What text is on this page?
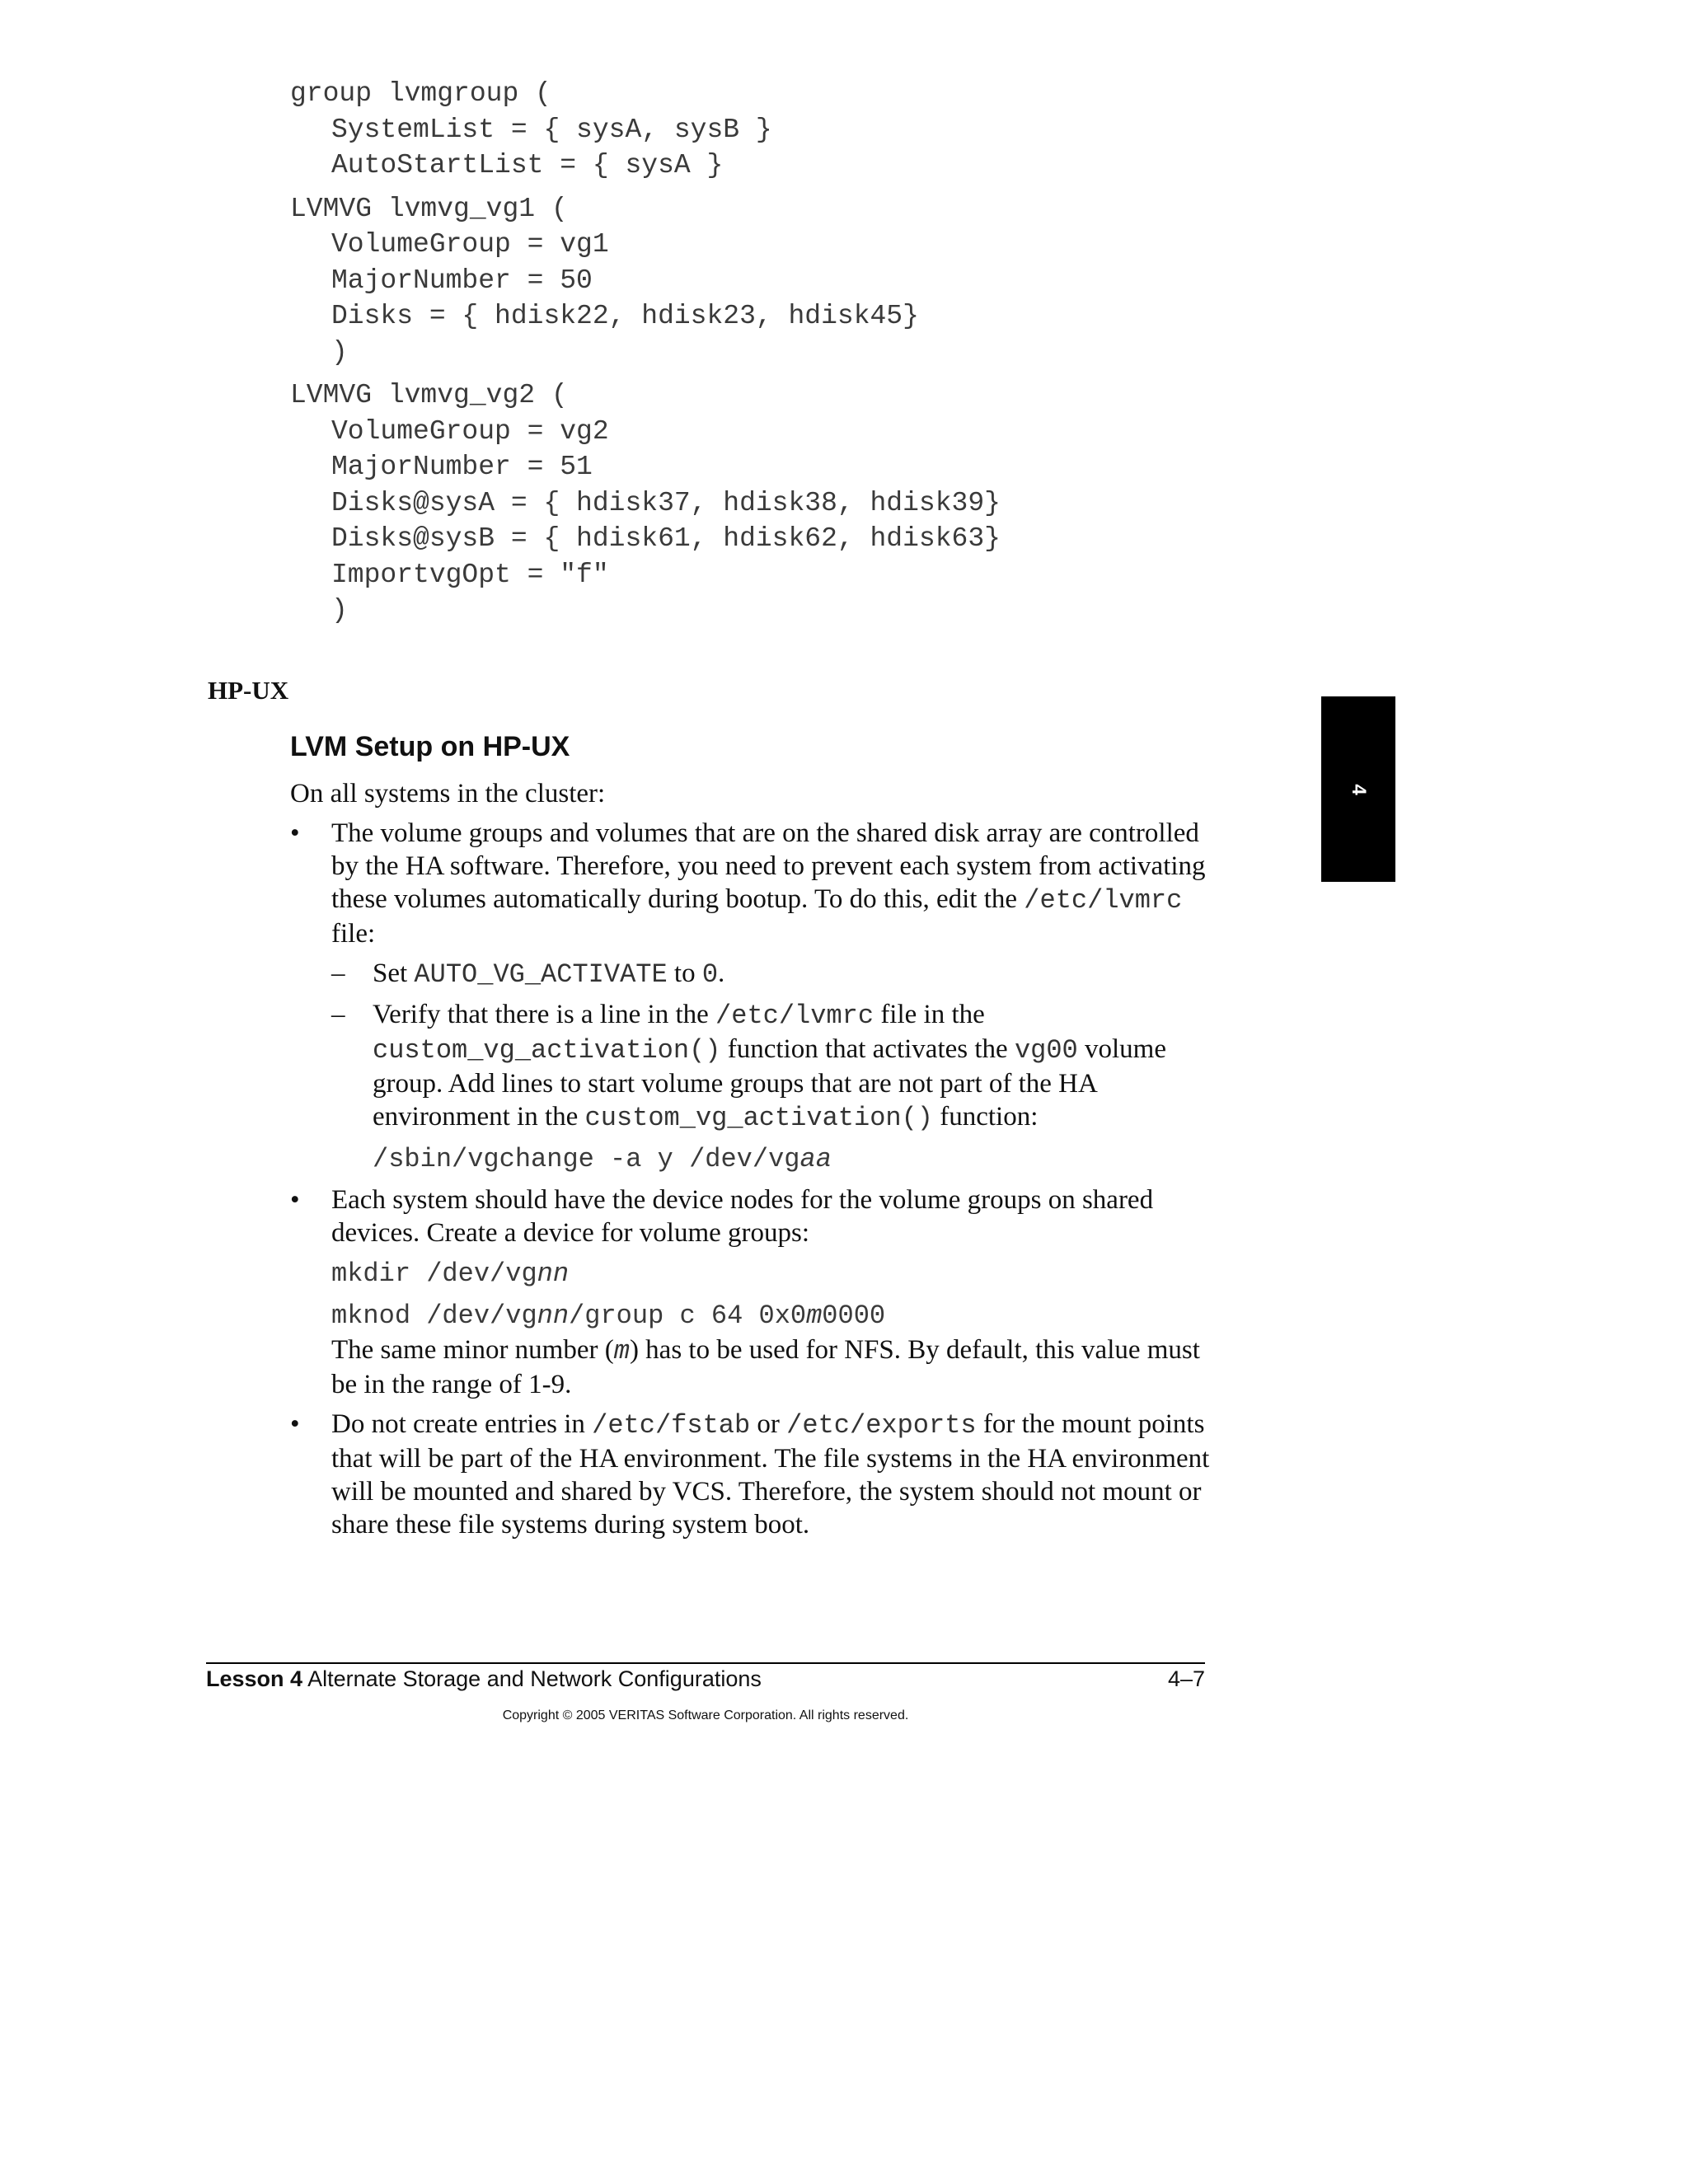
group lvmgroup (
SystemList = { sysA, sysB }
AutoStartList = { sysA }
LVMVG lvmvg_vg1 (
VolumeGroup = vg1
MajorNumber = 50
Disks = { hdisk22, hdisk23, hdisk45}
)
LVMVG lvmvg_vg2 (
VolumeGroup = vg2
MajorNumber = 51
Disks@sysA = { hdisk37, hdisk38, hdisk39}
Disks@sysB = { hdisk61, hdisk62, hdisk63}
ImportvgOpt = "f"
)
HP-UX
LVM Setup on HP-UX

On all systems in the cluster:

• The volume groups and volumes that are on the shared disk array are controlled by the HA software. Therefore, you need to prevent each system from activating these volumes automatically during bootup. To do this, edit the /etc/lvmrc file:

– Set AUTO_VG_ACTIVATE to 0.

– Verify that there is a line in the /etc/lvmrc file in the custom_vg_activation() function that activates the vg00 volume group. Add lines to start volume groups that are not part of the HA environment in the custom_vg_activation() function:

/sbin/vgchange -a y /dev/vgaa
• Each system should have the device nodes for the volume groups on shared devices. Create a device for volume groups:

mkdir /dev/vgnn
mknod /dev/vgnn/group c 64 0x0m0000

The same minor number (m) has to be used for NFS. By default, this value must be in the range of 1-9.

• Do not create entries in /etc/fstab or /etc/exports for the mount points that will be part of the HA environment. The file systems in the HA environment will be mounted and shared by VCS. Therefore, the system should not mount or share these file systems during system boot.

4
Lesson 4 Alternate Storage and Network Configurations	4–7
Copyright © 2005 VERITAS Software Corporation. All rights reserved.
